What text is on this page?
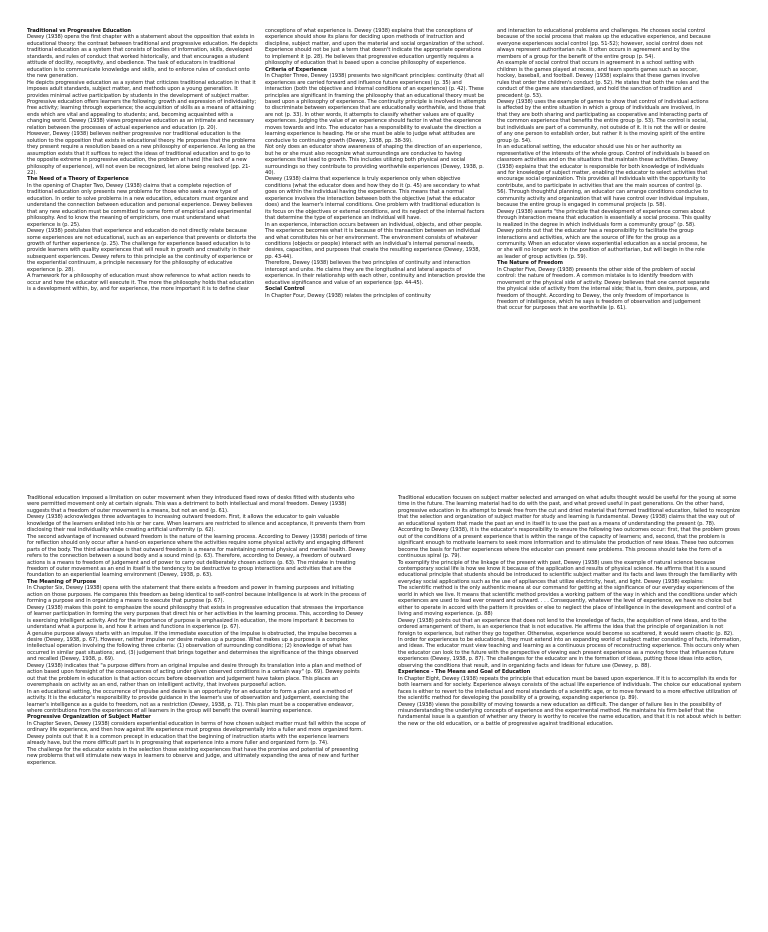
Traditional vs Progressive Education

Dewey (1938) opens the first chapter with a statement about the opposition that exists in educational theory: the contrast between traditional and progressive education. He depicts traditional education as a system that consists of bodies of information, skills, developed standards, and rules of conduct that worked historically, and that encourages a student attitude of docility, receptivity, and obedience. The task of educators in traditional education is to communicate knowledge and skills, and to enforce rules of conduct onto the new generation.

He depicts progressive education as a system that criticizes traditional education in that it imposes adult standards, subject matter, and methods upon a young generation. It provides minimal active participation by students in the development of subject matter. Progressive education offers learners the following: growth and expression of individuality; free activity; learning through experience; the acquisition of skills as a means of attaining ends which are vital and appealing to students; and, becoming acquainted with a changing world. Dewey (1938) views progressive education as an intimate and necessary relation between the processes of actual experience and education (p. 20).

However, Dewey (1938) believes neither progressive nor traditional education is the solution to the opposition that exists in educational theory. He proposes that the problems they present require a resolution based on a new philosophy of experience. As long as the assumption exists that it suffices to reject the ideas of traditional education and to go to the opposite extreme in progressive education, the problem at hand (the lack of a new philosophy of experience), will not even be recognized, let alone being resolved (pp. 21-22).

The Need of a Theory of Experience

In the opening of Chapter Two, Dewey (1938) claims that a complete rejection of traditional education only presents new problems for those who seek a new type of education. In order to solve problems in a new education, educators must organize and understand the connection between education and personal experience. Dewey believes that any new education must be committed to some form of empirical and experimental philosophy. And to know the meaning of empiricism, one must understand what experience is (p. 25).

Dewey (1938) postulates that experience and education do not directly relate because some experiences are not educational, such as an experience that prevents or distorts the growth of further experience (p. 25). The challenge for experience based education is to provide learners with quality experiences that will result in growth and creativity in their subsequent experiences. Dewey refers to this principle as the continuity of experience or the experiential continuum, a principle necessary for the philosophy of educative experience (p. 28).

A framework for a philosophy of education must show reference to what action needs to occur and how the educator will execute it. The more the philosophy holds that education is a development within, by, and for experience, the more important it is to define clear

conceptions of what experience is. Dewey (1938) explains that the conceptions of experience should show its plans for deciding upon methods of instruction and discipline, subject matter, and upon the material and social organization of the school. Experience should not be just a term that doesn't indicate the appropriate operations to implement it (p. 28). He believes that progressive education urgently requires a philosophy of education that is based upon a concise philosophy of experience.

Criteria of Experience

In Chapter Three, Dewey (1938) presents two significant principles: continuity (that all experiences are carried forward and influence future experiences) (p. 35) and interaction (both the objective and internal conditions of an experience) (p. 42). These principles are significant in framing the philosophy that an educational theory must be based upon a philosophy of experience. The continuity principle is involved in attempts to discriminate between experiences that are educationally worthwhile, and those that are not (p. 33). In other words, it attempts to classify whether values are of quality experiences. Judging the value of an experience should factor in what the experience moves towards and into. The educator has a responsibility to evaluate the direction a learning experience is heading. He or she must be able to judge what attitudes are conducive to continuing growth (Dewey, 1938, pp. 38-39).

Not only does an educator show awareness of shaping the direction of an experience, but he or she must also recognize what surroundings are conducive to having experiences that lead to growth. This includes utilizing both physical and social surroundings so they contribute to providing worthwhile experiences (Dewey, 1938, p. 40).

Dewey (1938) claims that experience is truly experience only when objective conditions (what the educator does and how they do it (p. 45) are secondary to what goes on within the individual having the experience. This means that a normal experience involves the interaction between both the objective (what the educator does) and the learner's internal conditions. One problem with traditional education is its focus on the objectives or external conditions, and its neglect of the internal factors that determine the type of experience an individual will have.

In an experience, interaction occurs between an individual, objects, and other people. The experience becomes what it is because of this transaction between an individual and what constitutes his or her environment. The environment consists of whatever conditions (objects or people) interact with an individual's internal personal needs, desires, capacities, and purposes that create the resulting experience (Dewey, 1938, pp. 43-44).

Therefore, Dewey (1938) believes the two principles of continuity and interaction intercept and unite. He claims they are the longitudinal and lateral aspects of experience. In their relationship with each other, continuity and interaction provide the educative significance and value of an experience (pp. 44-45).

Social Control

In Chapter Four, Dewey (1938) relates the principles of continuity

and interaction to educational problems and challenges. He chooses social control because of the social process that makes up the educative experience, and because everyone experiences social control (pp. 51-52); however, social control does not always represent authoritarian rule. It often occurs in agreement and by the members of a group for the benefit of the entire group (p. 54).

An example of social control that occurs in agreement in a school setting with children is the games played at recess, and team sports games such as soccer, hockey, baseball, and football. Dewey (1938) explains that these games involve rules that order the children's conduct (p. 52). He states that both the rules and the conduct of the game are standardized, and hold the sanction of tradition and precedent (p. 53).

Dewey (1938) uses the example of games to show that control of individual actions is affected by the entire situation in which a group of individuals are involved, in that they are both sharing and participating as cooperative and interacting parts of the common experience that benefits the entire group (p. 53). The control is social, but individuals are part of a community, not outside of it. It is not the will or desire of any one person to establish order, but rather it is the moving spirit of the entire group (p. 54).

In an educational setting, the educator should use his or her authority as representative of the interests of the whole group. Control of individuals is based on classroom activities and on the situations that maintain these activities. Dewey (1938) explains that the educator is responsible for both knowledge of individuals and for knowledge of subject matter, enabling the educator to select activities that encourage social organization. This provides all individuals with the opportunity to contribute, and to participate in activities that are the main sources of control (p. 56). Through thoughtful planning, an educator can arrange conditions conducive to community activity and organization that will have control over individual impulses, because the entire group is engaged in communal projects (p. 58).

Dewey (1938) asserts "the principle that development of experience comes about through interaction means that education is essentially a social process. This quality is realized in the degree in which individuals form a community group" (p. 58). Dewey points out that the educator has a responsibility to facilitate the group interactions and activities, which are the source of life for the group as a community. When an educator views experiential education as a social process, he or she will no longer work in the position of authoritarian, but will begin in the role as leader of group activities (p. 59).

The Nature of Freedom

In Chapter Five, Dewey (1938) presents the other side of the problem of social control: the nature of freedom. A common mistake is to identify freedom with movement or the physical side of activity. Dewey believes that one cannot separate the physical side of activity from the internal side; that is, from desire, purpose, and freedom of thought. According to Dewey, the only freedom of importance is freedom of intelligence, which he says is freedom of observation and judgement that occur for purposes that are worthwhile (p. 61).

Traditional education imposed a limitation on outer movement when they introduced fixed rows of desks fitted with students who were permitted movement only at certain signals. This was a detriment to both intellectual and moral freedom. Dewey (1938) suggests that a freedom of outer movement is a means, but not an end (p. 61).

Dewey (1938) acknowledges three advantages to increasing outward freedom. First, it allows the educator to gain valuable knowledge of the learners enlisted into his or her care. When learners are restricted to silence and acceptance, it prevents them from disclosing their real individuality while creating artificial uniformity (p. 62).

The second advantage of increased outward freedom is the nature of the learning process. According to Dewey (1938) periods of time for reflection should only occur after a hand-on experience where the activities require some physical activity and engaging different parts of the body. The third advantage is that outward freedom is a means for maintaining normal physical and mental health. Dewey refers to the connection between a sound body and a sound mind (p. 63). Therefore, according to Dewey, a freedom of outward actions is a means to freedom of judgement and of power to carry out deliberately chosen actions (p. 63). The mistake in treating freedom of outer movement as an end in itself is the tendency to be destructive to group interactions and activities that are the foundation to an experiential learning environment (Dewey, 1938, p. 63).

The Meaning of Purpose

In Chapter Six, Dewey (1938) opens with the statement that there exists a freedom and power in framing purposes and initiating action on those purposes. He compares this freedom as being identical to self-control because intelligence is at work in the process of forming a purpose and in organizing a means to execute that purpose (p. 67).

Dewey (1938) makes this point to emphasize the sound philosophy that exists in progressive education that stresses the importance of learner participation in forming the very purposes that direct his or her activities in the learning process. This, according to Dewey is exercising intelligent activity. And for the importance of purpose is emphasized in education, the more important it becomes to understand what a purpose is, and how it arises and functions in experience (p. 67).

A genuine purpose always starts with an impulse. If the immediate execution of the impulse is obstructed, the impulse becomes a desire (Dewey, 1938, p. 67). However, neither impulse nor desire makes up a purpose. What makes up a purpose is a complex intellectual operation involving the following three criteria: (1) observation of surrounding conditions; (2) knowledge of what has occurred in similar past situations; and, (3) judgement that brings together and determines the significance of the things observed and recalled (Dewey, 1938, p. 69).

Dewey (1938) indicates that "a purpose differs from an original impulse and desire through its translation into a plan and method of action based upon foresight of the consequences of acting under given observed conditions in a certain way" (p. 69). Dewey points out that the problem in education is that action occurs before observation and judgement have taken place. This places an overemphasis on activity as an end, rather than on intelligent activity, that involves purposeful action.

In an educational setting, the occurrence of impulse and desire is an opportunity for an educator to form a plan and a method of activity. It is the educator's responsibility to provide guidance in the learner's use of observation and judgement, exercising the learner's intelligence as a guide to freedom, not as a restriction (Dewey, 1938, p. 71). This plan must be a cooperative endeavor, where contributions from the experiences of all learners in the group will benefit the overall learning experience.

Progressive Organization of Subject Matter

In Chapter Seven, Dewey (1938) considers experiential education in terms of how chosen subject matter must fall within the scope of ordinary life experience, and then how against life experience must progress developmentally into a fuller and more organized form. Dewey points out that it is a common precept in education that the beginning of instruction starts with the experience learners already have, but the more difficult part is in progressing that experience into a more fuller and organized form (p. 74).

The challenge for the educator exists in the selection those existing experiences that have the promise and potential of presenting new problems that will stimulate new ways in learners to observe and judge, and ultimately expanding the area of new and further experience.

Traditional education focuses on subject matter selected and arranged on what adults thought would be useful for the young at some time in the future. The learning material had to do with the past, and what proved useful in past generations. On the other hand, progressive education in its attempt to break free from the cut and dried material that formed traditional education, failed to recognize that the selection and organization of subject matter for study and learning is fundamental. Dewey (1938) claims that the way out of an educational system that made the past an end in itself is to use the past as a means of understanding the present (p. 78).

According to Dewey (1938), it is the educator's responsibility to ensure the following two outcomes occur: first, that the problem grows out of the conditions of a present experience that is within the range of the capacity of learners; and, second, that the problem is significant enough to motivate learners to seek more information and to stimulate the production of new ideas. These two outcomes become the basis for further experiences where the educator can present new problems. This process should take the form of a continuous spiral (p. 79).

To exemplify the principle of the linkage of the present with past, Dewey (1938) uses the example of natural science because contemporary social life is how we know it because of the application and results of physical science. He affirms that it is a sound educational principle that students should be introduced to scientific subject matter and its facts and laws through the familiarity with everyday social applications such as the use of appliances that utilize electricity, heat, and light. Dewey (1938) explains:

The scientific method is the only authentic means at our command for getting at the significance of our everyday experiences of the world in which we live. It means that scientific method provides a working pattern of the way in which and the conditions under which experiences are used to lead ever onward and outward. . . . Consequently, whatever the level of experience, we have no choice but either to operate in accord with the pattern it provides or else to neglect the place of intelligence in the development and control of a living and moving experience. (p. 88)

Dewey (1938) points out that an experience that does not lend to the knowledge of facts, the acquisition of new ideas, and to the ordered arrangement of them, is an experience that is not educative. He affirms the idea that the principle of organization is not foreign to experience, but rather they go together. Otherwise, experience would become so scattered, it would seem chaotic (p. 82).

In order for experiences to be educational, they must extend into an expanding world of subject matter consisting of facts, information, and ideas. The educator must view teaching and learning as a continuous process of reconstructing experience. This occurs only when the educator can look to the future with the perspective of viewing each present experience as a moving force that influences future experiences (Dewey, 1938, p. 87). The challenges for the educator are in the formation of ideas, putting those ideas into action, observing the conditions that result, and in organizing facts and ideas for future use (Dewey, p. 88).

Experience - The Means and Goal of Education

In Chapter Eight, Dewey (1938) repeats the principle that education must be based upon experience. If it is to accomplish its ends for both learners and for society. Experience always consists of the actual life experience of individuals. The choice our educational system faces is either to revert to the intellectual and moral standards of a scientific age, or to move forward to a more effective utilization of the scientific method for developing the possibility of a growing, expanding experience (p. 89).

Dewey (1938) views the possibility of moving towards a new education as difficult. The danger of failure lies in the possibility of misunderstanding the underlying concepts of experience and the experimental method. He maintains his firm belief that the fundamental issue is a question of whether any theory is worthy to receive the name education, and that it is not about which is better: the new or the old education, or a battle of progressive against traditional education.
